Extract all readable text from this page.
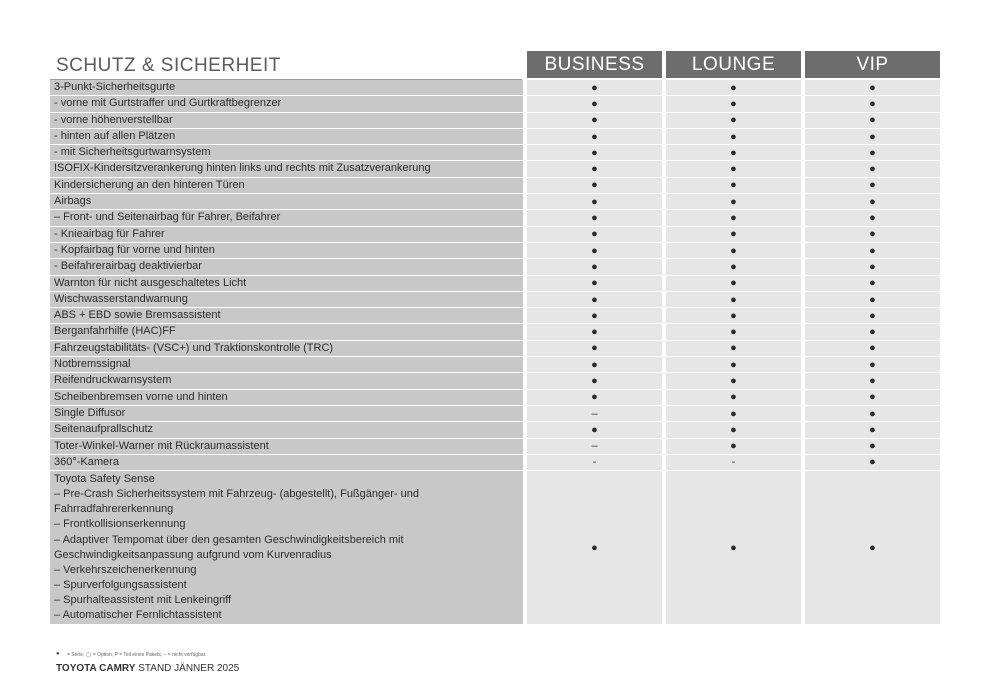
SCHUTZ & SICHERHEIT	BUSINESS	LOUNGE	VIP
3-Punkt-Sicherheitsgurte	●	●	●
- vorne mit Gurtstraffer und Gurtkraftbegrenzer	●	●	●
- vorne höhenverstellbar	●	●	●
- hinten auf allen Plätzen	●	●	●
- mit Sicherheitsgurtwarnsystem	●	●	●
ISOFIX-Kindersitzverankerung hinten links und rechts mit Zusatzverankerung	●	●	●
Kindersicherung an den hinteren Türen	●	●	●
Airbags	●	●	●
– Front- und Seitenairbag für Fahrer, Beifahrer	●	●	●
- Knieairbag für Fahrer	●	●	●
- Kopfairbag für vorne und hinten	●	●	●
- Beifahrerairbag deaktivierbar	●	●	●
Warnton für nicht ausgeschaltetes Licht	●	●	●
Wischwasserstandwarnung	●	●	●
ABS + EBD sowie Bremsassistent	●	●	●
Berganfahrhilfe (HAC)FF	●	●	●
Fahrzeugstabilitäts- (VSC+) und Traktionskontrolle (TRC)	●	●	●
Notbremssignal	●	●	●
Reifendruckwarnsystem	●	●	●
Scheibenbremsen vorne und hinten	●	●	●
Single Diffusor	–	●	●
Seitenaufprallschutz	●	●	●
Toter-Winkel-Warner mit Rückraumassistent	–	●	●
360°-Kamera	-	-	●
Toyota Safety Sense
– Pre-Crash Sicherheitssystem mit Fahrzeug- (abgestellt), Fußgänger- und
Fahrradfahrererkennung
– Frontkollisionserkennung
– Adaptiver Tempomat über den gesamten Geschwindigkeitsbereich mit
Geschwindigkeitsanpassung aufgrund vom Kurvenradius
– Verkehrszeichenerkennung
– Spurverfolgungsassistent
– Spurhalteassistent mit Lenkeingriff
– Automatischer Fernlichtassistent
●	●	●
● = Serie, ◯ = Option, P = Teil eines Pakets, – = nicht verfügbar.
TOYOTA CAMRY STAND JÄNNER 2025
